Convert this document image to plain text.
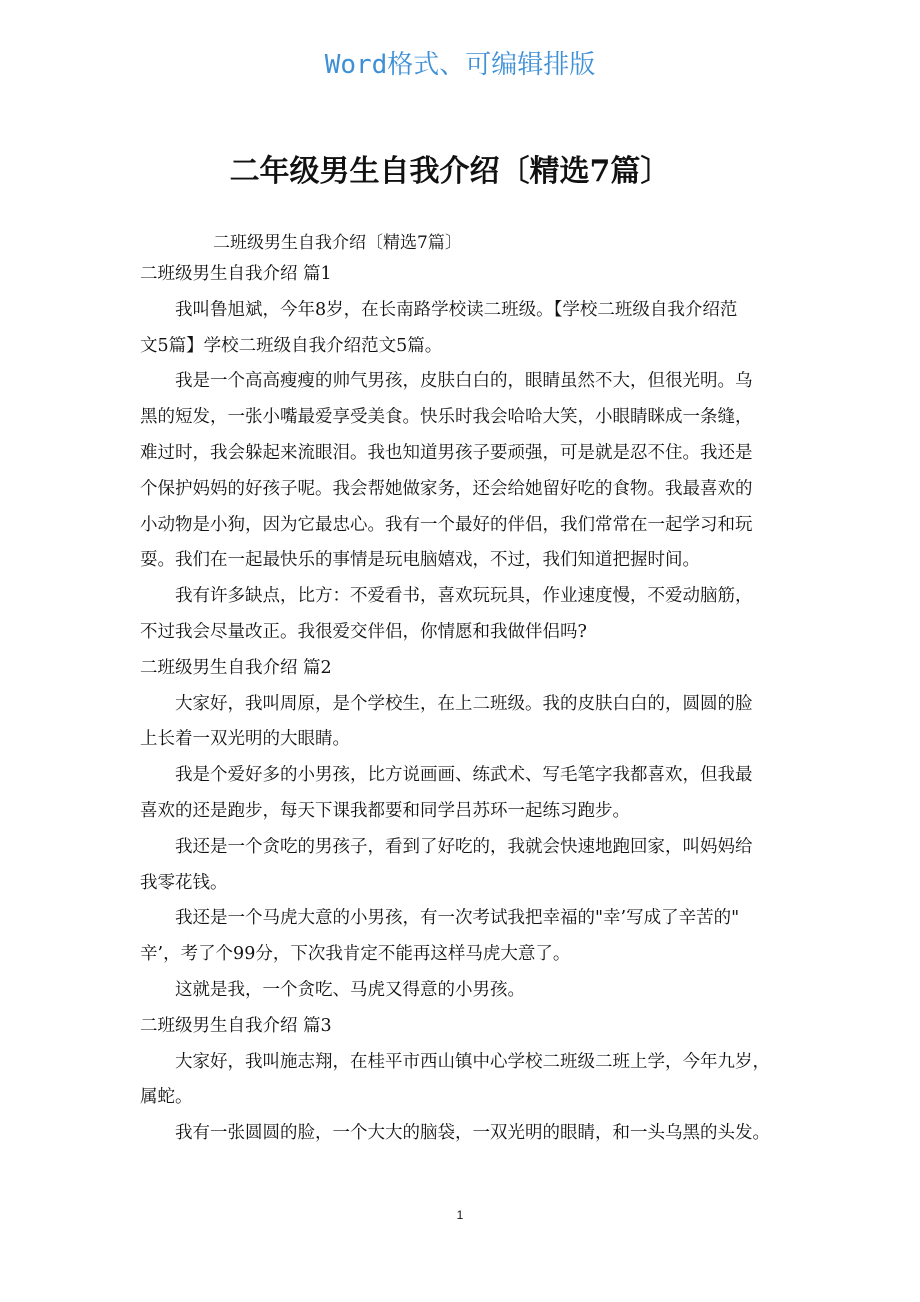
Word格式、可编辑排版
二年级男生自我介绍〔精选7篇〕
二班级男生自我介绍〔精选7篇〕
二班级男生自我介绍 篇1
我叫鲁旭斌，今年8岁，在长南路学校读二班级。【学校二班级自我介绍范
文5篇】学校二班级自我介绍范文5篇。
我是一个高高瘦瘦的帅气男孩，皮肤白白的，眼睛虽然不大，但很光明。乌
黑的短发，一张小嘴最爱享受美食。快乐时我会哈哈大笑，小眼睛眯成一条缝，
难过时，我会躲起来流眼泪。我也知道男孩子要顽强，可是就是忍不住。我还是
个保护妈妈的好孩子呢。我会帮她做家务，还会给她留好吃的食物。我最喜欢的
小动物是小狗，因为它最忠心。我有一个最好的伴侣，我们常常在一起学习和玩
耍。我们在一起最快乐的事情是玩电脑嬉戏，不过，我们知道把握时间。
我有许多缺点，比方：不爱看书，喜欢玩玩具，作业速度慢，不爱动脑筋，
不过我会尽量改正。我很爱交伴侣，你情愿和我做伴侣吗?
二班级男生自我介绍 篇2
大家好，我叫周原，是个学校生，在上二班级。我的皮肤白白的，圆圆的脸
上长着一双光明的大眼睛。
我是个爱好多的小男孩，比方说画画、练武术、写毛笔字我都喜欢，但我最
喜欢的还是跑步，每天下课我都要和同学吕苏环一起练习跑步。
我还是一个贪吃的男孩子，看到了好吃的，我就会快速地跑回家，叫妈妈给
我零花钱。
我还是一个马虎大意的小男孩，有一次考试我把幸福的"幸’写成了辛苦的"
辛’，考了个99分，下次我肯定不能再这样马虎大意了。
这就是我，一个贪吃、马虎又得意的小男孩。
二班级男生自我介绍 篇3
大家好，我叫施志翔，在桂平市西山镇中心学校二班级二班上学，今年九岁，
属蛇。
我有一张圆圆的脸，一个大大的脑袋，一双光明的眼睛，和一头乌黑的头发。
1
